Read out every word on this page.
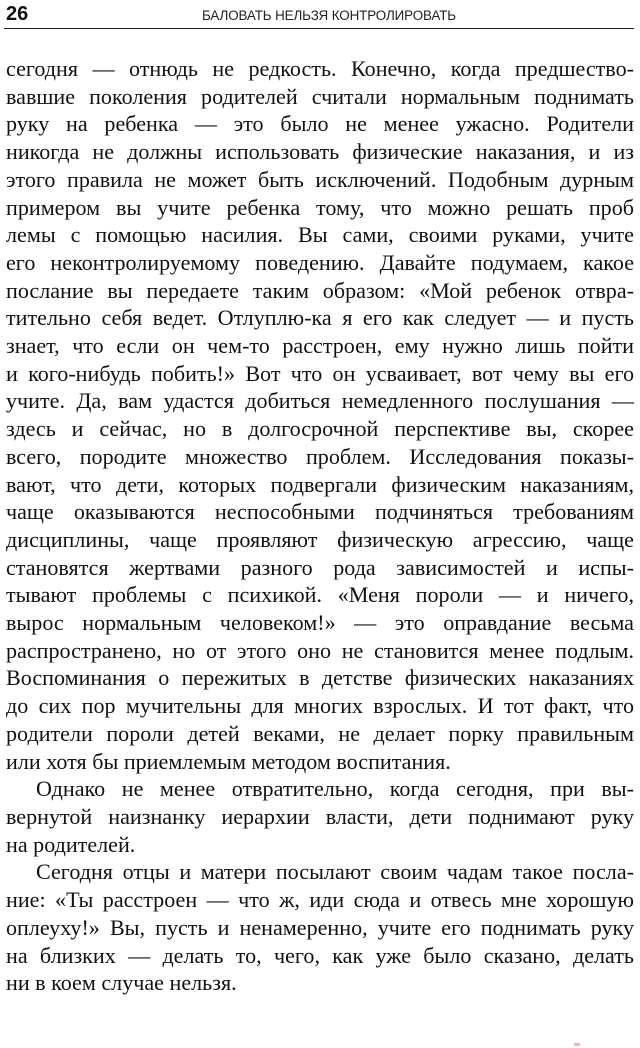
26	БАЛОВАТЬ НЕЛЬЗЯ КОНТРОЛИРОВАТЬ

сегодня — отнюдь не редкость. Конечно, когда предшество-

вавшие поколения родителей считали нормальным поднимать

руку на ребенка — это было не менее ужасно. Родители

никогда не должны использовать физические наказания, и из

этого правила не может быть исключений. Подобным дурным

примером вы учите ребенка тому, что можно решать проб

лемы с помощью насилия. Вы сами, своими руками, учите

его неконтролируемому поведению. Давайте подумаем, какое

послание вы передаете таким образом: «Мой ребенок отвра-

тительно себя ведет. Отлуплю-ка я его как следует — и пусть

знает, что если он чем-то расстроен, ему нужно лишь пойти

и кого-нибудь побить!» Вот что он усваивает, вот чему вы его

учите. Да, вам удастся добиться немедленного послушания —

здесь и сейчас, но в долгосрочной перспективе вы, скорее

всего, породите множество проблем. Исследования показы-

вают, что дети, которых подвергали физическим наказаниям,

чаще оказываются неспособными подчиняться требованиям

дисциплины, чаще проявляют физическую агрессию, чаще

становятся жертвами разного рода зависимостей и испы-

тывают проблемы с психикой. «Меня пороли — и ничего,

вырос нормальным человеком!» — это оправдание весьма

распространено, но от этого оно не становится менее подлым.

Воспоминания о пережитых в детстве физических наказаниях

до сих пор мучительны для многих взрослых. И тот факт, что

родители пороли детей веками, не делает порку правильным

или хотя бы приемлемым методом воспитания.

Однако не менее отвратительно, когда сегодня, при вы-

вернутой наизнанку иерархии власти, дети поднимают руку

на родителей.

Сегодня отцы и матери посылают своим чадам такое посла-

ние: «Ты расстроен — что ж, иди сюда и отвесь мне хорошую

оплеуху!» Вы, пусть и ненамеренно, учите его поднимать руку

на близких — делать то, чего, как уже было сказано, делать

ни в коем случае нельзя.
